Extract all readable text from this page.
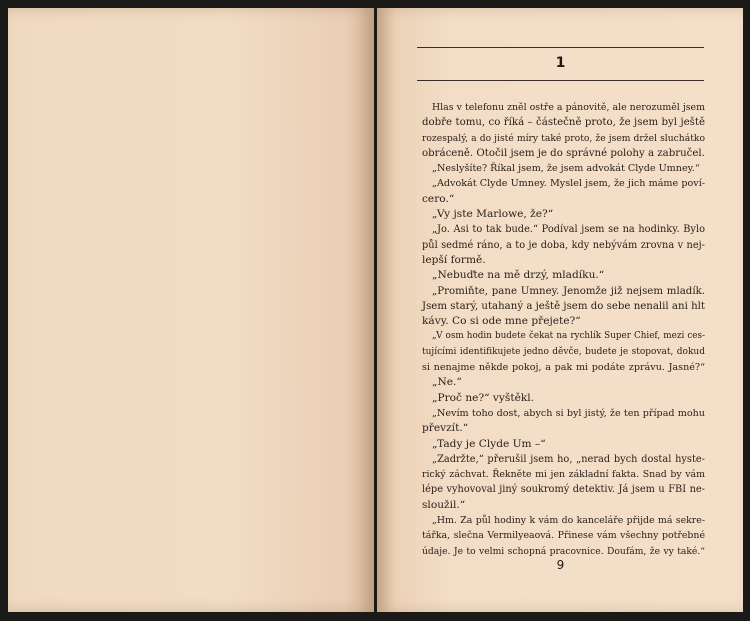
1
Hlas v telefonu zněl ostře a pánovitě, ale nerozuměl jsem
dobře tomu, co říká – částečně proto, že jsem byl ještě
rozespalý, a do jisté míry také proto, že jsem držel sluchátko
obráceně. Otočil jsem je do správné polohy a zabručel.
„Neslyšíte? Říkal jsem, že jsem advokát Clyde Umney.“
„Advokát Clyde Umney. Myslel jsem, že jich máme poví-
cero.“
„Vy jste Marlowe, že?“
„Jo. Asi to tak bude.“ Podíval jsem se na hodinky. Bylo
půl sedmé ráno, a to je doba, kdy nebývám zrovna v nej-
lepší formě.
„Nebuďte na mě drzý, mladíku.“
„Promiňte, pane Umney. Jenomže již nejsem mladík.
Jsem starý, utahaný a ještě jsem do sebe nenalil ani hlt
kávy. Co si ode mne přejete?“
„V osm hodin budete čekat na rychlík Super Chief, mezi ces-
tujícími identifikujete jedno děvče, budete je stopovat, dokud
si nenajme někde pokoj, a pak mi podáte zprávu. Jasné?“
„Ne.“
„Proč ne?“ vyštěkl.
„Nevím toho dost, abych si byl jistý, že ten případ mohu
převzít.“
„Tady je Clyde Um –“
„Zadržte,“ přerušil jsem ho, „nerad bych dostal hyste-
rický záchvat. Řekněte mi jen základní fakta. Snad by vám
lépe vyhovoval jiný soukromý detektiv. Já jsem u FBI ne-
sloužil.“
„Hm. Za půl hodiny k vám do kanceláře přijde má sekre-
tářka, slečna Vermilyeaová. Přinese vám všechny potřebné
údaje. Je to velmi schopná pracovnice. Doufám, že vy také.“
9
